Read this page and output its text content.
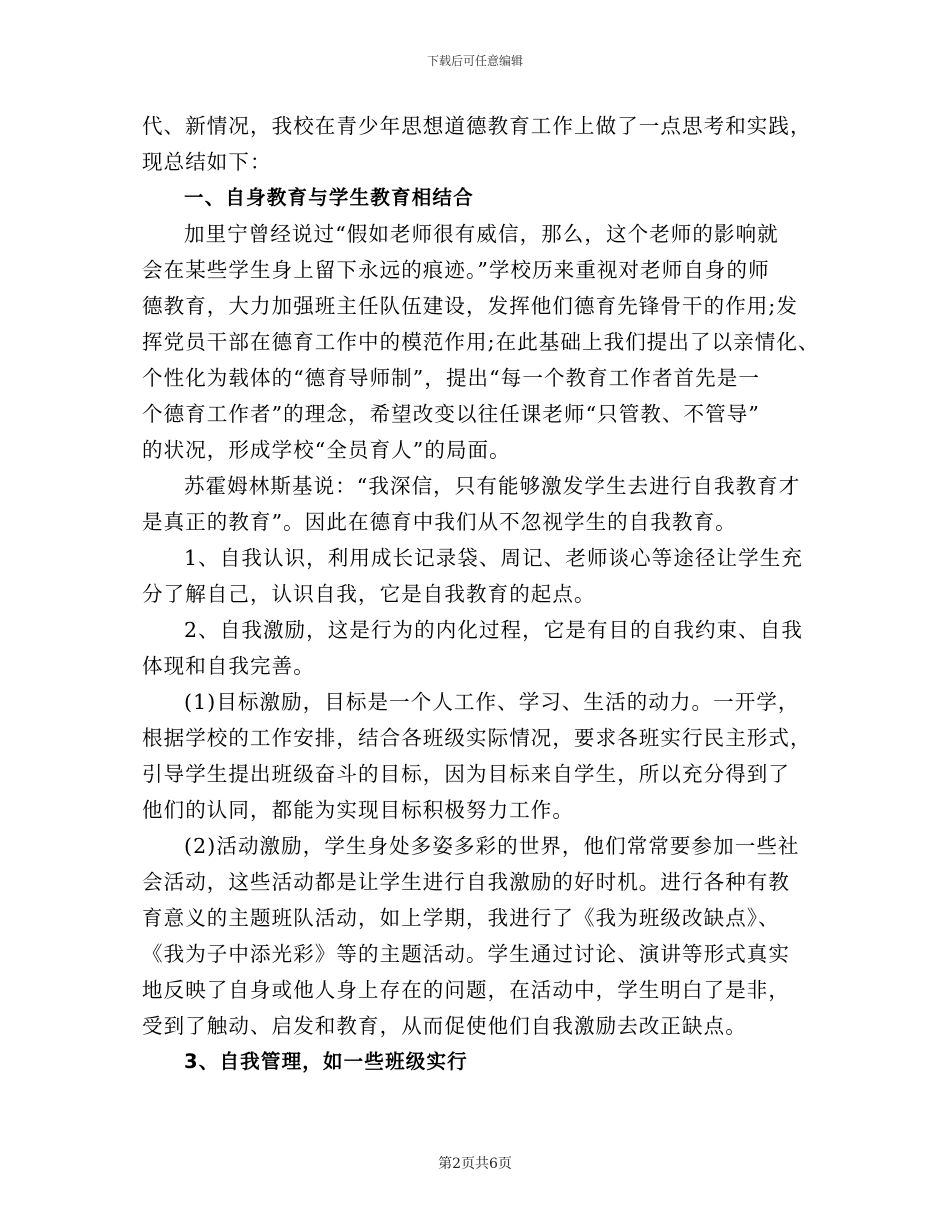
下载后可任意编辑
代、新情况，我校在青少年思想道德教育工作上做了一点思考和实践，
现总结如下：
一、自身教育与学生教育相结合
加里宁曾经说过“假如老师很有威信，那么，这个老师的影响就
会在某些学生身上留下永远的痕迹。”学校历来重视对老师自身的师
德教育，大力加强班主任队伍建设，发挥他们德育先锋骨干的作用;发
挥党员干部在德育工作中的模范作用;在此基础上我们提出了以亲情化、
个性化为载体的“德育导师制”，提出“每一个教育工作者首先是一
个德育工作者”的理念，希望改变以往任课老师“只管教、不管导”
的状况，形成学校“全员育人”的局面。
苏霍姆林斯基说：“我深信，只有能够激发学生去进行自我教育才
是真正的教育”。因此在德育中我们从不忽视学生的自我教育。
1、自我认识，利用成长记录袋、周记、老师谈心等途径让学生充
分了解自己，认识自我，它是自我教育的起点。
2、自我激励，这是行为的内化过程，它是有目的自我约束、自我
体现和自我完善。
(1)目标激励，目标是一个人工作、学习、生活的动力。一开学，
根据学校的工作安排，结合各班级实际情况，要求各班实行民主形式，
引导学生提出班级奋斗的目标，因为目标来自学生，所以充分得到了
他们的认同，都能为实现目标积极努力工作。
(2)活动激励，学生身处多姿多彩的世界，他们常常要参加一些社
会活动，这些活动都是让学生进行自我激励的好时机。进行各种有教
育意义的主题班队活动，如上学期，我进行了《我为班级改缺点》、
《我为子中添光彩》等的主题活动。学生通过讨论、演讲等形式真实
地反映了自身或他人身上存在的问题，在活动中，学生明白了是非，
受到了触动、启发和教育，从而促使他们自我激励去改正缺点。
3、自我管理，如一些班级实行
第2页共6页
